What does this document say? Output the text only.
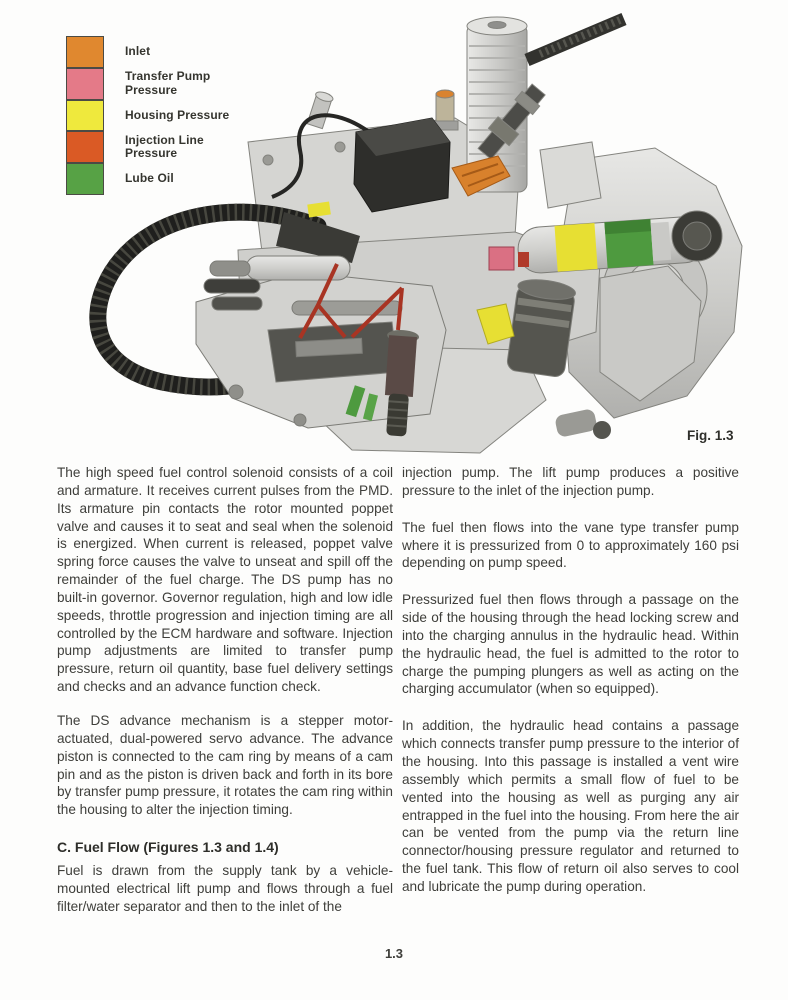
Inlet
Transfer Pump Pressure
Housing Pressure
Injection Line Pressure
Lube Oil
Fig. 1.3

The high speed fuel control solenoid consists of a coil and armature. It receives current pulses from the PMD. Its armature pin contacts the rotor mounted poppet valve and causes it to seat and seal when the solenoid is energized. When current is released, poppet valve spring force causes the valve to unseat and spill off the remainder of the fuel charge. The DS pump has no built-in governor. Governor regulation, high and low idle speeds, throttle progression and injection timing are all controlled by the ECM hardware and software. Injection pump adjustments are limited to transfer pump pressure, return oil quantity, base fuel delivery settings and checks and an advance function check.

The DS advance mechanism is a stepper motor-actuated, dual-powered servo advance. The advance piston is connected to the cam ring by means of a cam pin and as the piston is driven back and forth in its bore by transfer pump pressure, it rotates the cam ring within the housing to alter the injection timing.

C. Fuel Flow (Figures 1.3 and 1.4)

Fuel is drawn from the supply tank by a vehicle-mounted electrical lift pump and flows through a fuel filter/water separator and then to the inlet of the

injection pump. The lift pump produces a positive pressure to the inlet of the injection pump.

The fuel then flows into the vane type transfer pump where it is pressurized from 0 to approximately 160 psi depending on pump speed.

Pressurized fuel then flows through a passage on the side of the housing through the head locking screw and into the charging annulus in the hydraulic head. Within the hydraulic head, the fuel is admitted to the rotor to charge the pumping plungers as well as acting on the charging accumulator (when so equipped).

In addition, the hydraulic head contains a passage which connects transfer pump pressure to the interior of the housing. Into this passage is installed a vent wire assembly which permits a small flow of fuel to be vented into the housing as well as purging any air entrapped in the fuel into the housing. From here the air can be vented from the pump via the return line connector/housing pressure regulator and returned to the fuel tank. This flow of return oil also serves to cool and lubricate the pump during operation.

1.3
